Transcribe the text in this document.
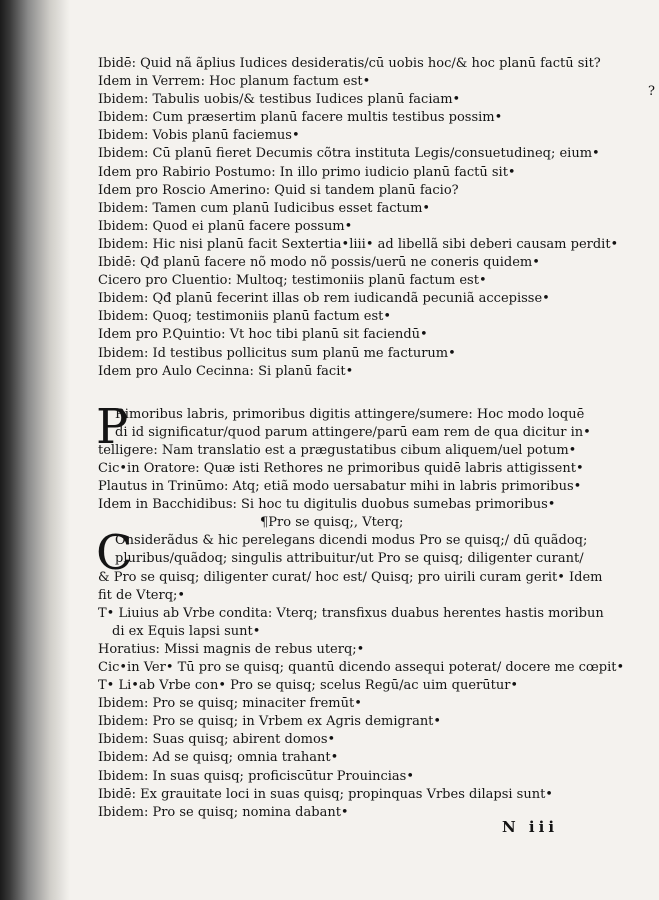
?
Ibidē: Quid nã ãplius Iudices desideratis/cū uobis hoc/& hoc planū factū sit?
Idem in Verrem: Hoc planum factum est•
Ibidem: Tabulis uobis/& testibus Iudices planū faciam•
Ibidem: Cum præsertim planū facere multis testibus possim•
Ibidem: Vobis planū faciemus•
Ibidem: Cū planū fieret Decumis cõtra instituta Legis/consuetudineq; eium•
Idem pro Rabirio Postumo: In illo primo iudicio planū factū sit•
Idem pro Roscio Amerino: Quid si tandem planū facio?
Ibidem: Tamen cum planū Iudicibus esset factum•
Ibidem: Quod ei planū facere possum•
Ibidem: Hic nisi planū facit Sextertia•liii• ad libellã sibi deberi causam perdit•
Ibidē: Qđ planū facere nõ modo nõ possis/uerū ne coneris quidem•
Cicero pro Cluentio: Multoq; testimoniis planū factum est•
Ibidem: Qđ planū fecerint illas ob rem iudicandã pecuniã accepisse•
Ibidem: Quoq; testimoniis planū factum est•
Idem pro P.Quintio: Vt hoc tibi planū sit faciendū•
Ibidem: Id testibus pollicitus sum planū me facturum•
Idem pro Aulo Cecinna: Si planū facit•
P
Rimoribus labris, primoribus digitis attingere/sumere: Hoc modo loquē
di id significatur/quod parum attingere/parū eam rem de qua dicitur in•
telligere: Nam translatio est a prægustatibus cibum aliquem/uel potum•
Cic•in Oratore: Quæ isti Rethores ne primoribus quidē labris attigissent•
Plautus in Trinūmo: Atq; etiã modo uersabatur mihi in labris primoribus•
Idem in Bacchidibus: Si hoc tu digitulis duobus sumebas primoribus•
¶Pro se quisq;, Vterq;
C
Onsiderãdus & hic perelegans dicendi modus Pro se quisq;/ dū quãdoq;
pluribus/quãdoq; singulis attribuitur/ut Pro se quisq; diligenter curant/
& Pro se quisq; diligenter curat/ hoc est/ Quisq; pro uirili curam gerit• Idem
fit de Vterq;•
T• Liuius ab Vrbe condita: Vterq; transfixus duabus herentes hastis moribun
di ex Equis lapsi sunt•
Horatius: Missi magnis de rebus uterq;•
Cic•in Ver• Tū pro se quisq; quantū dicendo assequi poterat/ docere me cœpit•
T• Li•ab Vrbe con• Pro se quisq; scelus Regū/ac uim querūtur•
Ibidem: Pro se quisq; minaciter fremūt•
Ibidem: Pro se quisq; in Vrbem ex Agris demigrant•
Ibidem: Suas quisq; abirent domos•
Ibidem: Ad se quisq; omnia trahant•
Ibidem: In suas quisq; proficiscūtur Prouincias•
Ibidē: Ex grauitate loci in suas quisq; propinquas Vrbes dilapsi sunt•
Ibidem: Pro se quisq; nomina dabant•
N iii
